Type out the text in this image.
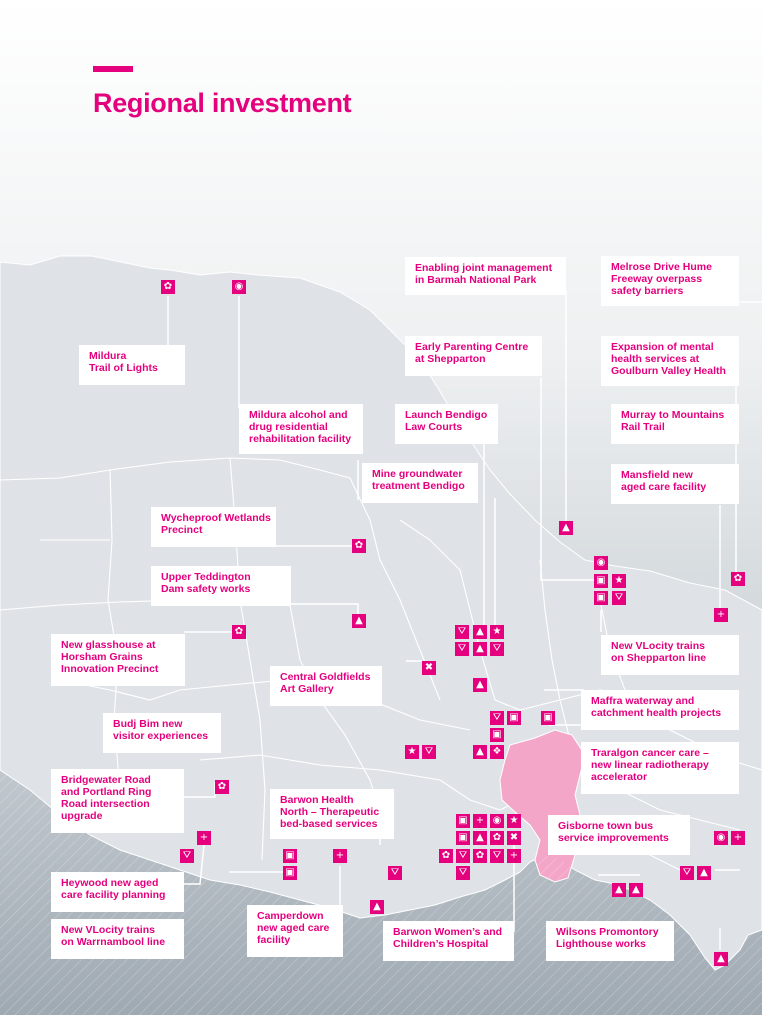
Regional investment
Enabling joint management
in Barmah National Park
Melrose Drive Hume
Freeway overpass
safety barriers
Mildura
Trail of Lights
Early Parenting Centre
at Shepparton
Expansion of mental
health services at
Goulburn Valley Health
Mildura alcohol and
drug residential
rehabilitation facility
Launch Bendigo
Law Courts
Murray to Mountains
Rail Trail
Mine groundwater
treatment Bendigo
Mansfield new
aged care facility
Wycheproof Wetlands
Precinct
Upper Teddington
Dam safety works
New glasshouse at
Horsham Grains
Innovation Precinct
New VLocity trains
on Shepparton line
Central Goldfields
Art Gallery
Maffra waterway and
catchment health projects
Budj Bim new
visitor experiences
Traralgon cancer care –
new linear radiotherapy
accelerator
Bridgewater Road
and Portland Ring
Road intersection
upgrade
Barwon Health
North – Therapeutic
bed-based services	Gisborne town bus
service improvements
Heywood new aged
care facility planning
Camperdown
new aged care
facility
New VLocity trains
on Warrnambool line
Barwon Women’s and
Children’s Hospital
Wilsons Promontory
Lighthouse works
✿	◉
▲
✿
◉
▣ ★
▣ ⛛
✿
+
▲
✿	⛛ ▲ ★
⛛ ▲ ⛛
✖
▲
⛛ ▣ ▣
▣
★ ⛛	▲ ❖
✿
+
⛛	▣
▣
+
⛛
▲
▣ + ◉ ★
▣ ▲ ✿ ✖
✿ ⛛ ✿ ⛛ +
⛛
◉ +
⛛ ▲
▲ ▲
▲
